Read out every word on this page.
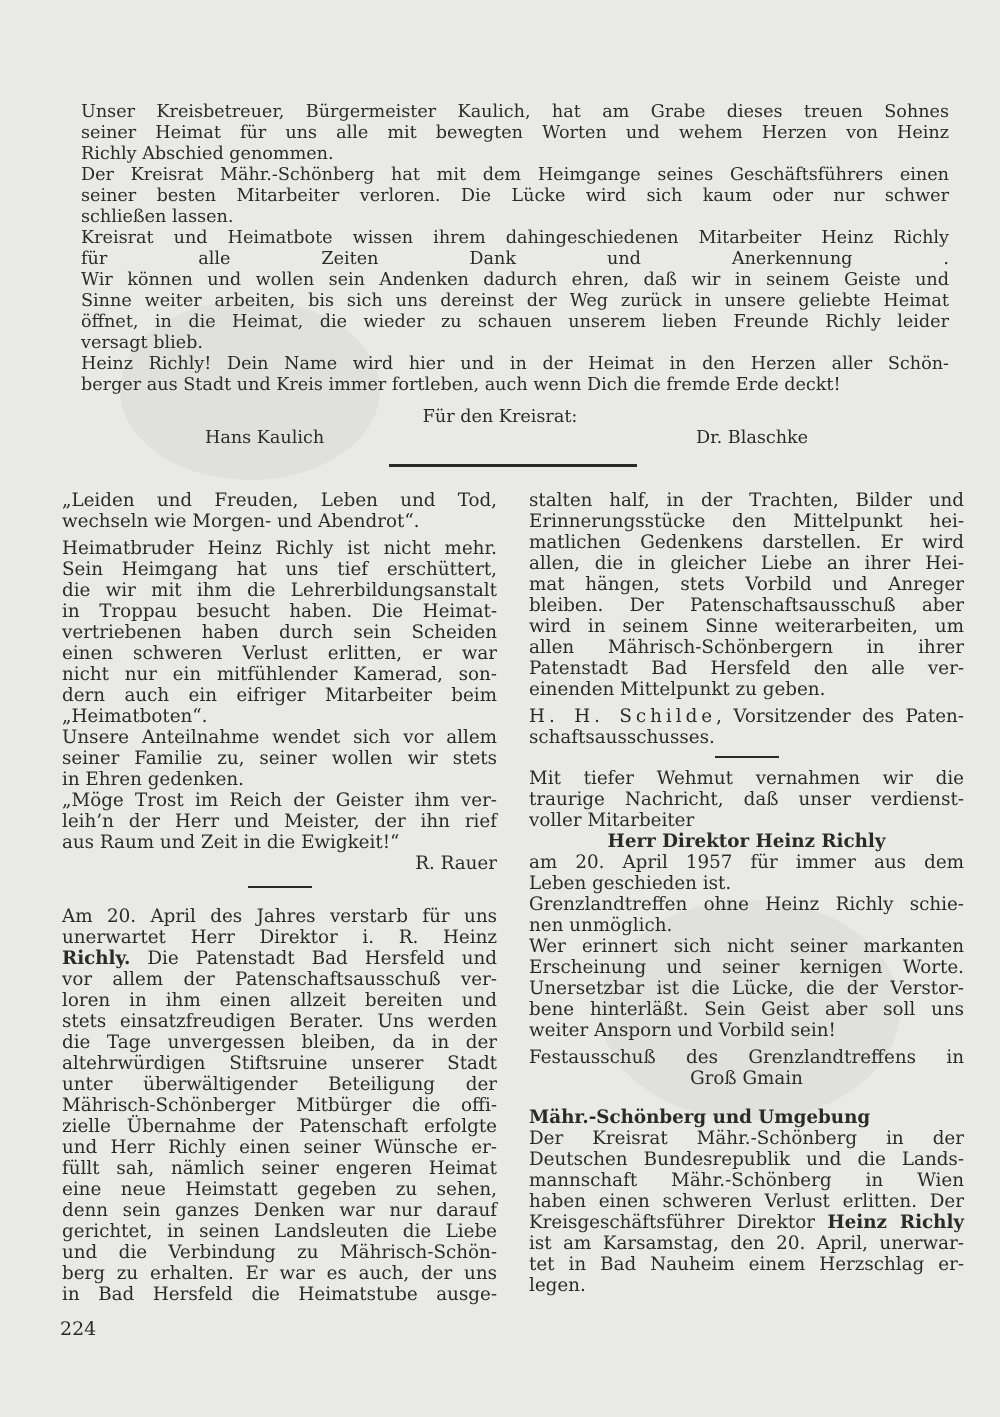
Unser Kreisbetreuer, Bürgermeister Kaulich, hat am Grabe dieses treuen Sohnes
seiner Heimat für uns alle mit bewegten Worten und wehem Herzen von Heinz
Richly Abschied genommen.
Der Kreisrat Mähr.-Schönberg hat mit dem Heimgange seines Geschäftsführers einen
seiner besten Mitarbeiter verloren. Die Lücke wird sich kaum oder nur schwer
schließen lassen.
Kreisrat und Heimatbote wissen ihrem dahingeschiedenen Mitarbeiter Heinz Richly
für alle Zeiten Dank und Anerkennung .
Wir können und wollen sein Andenken dadurch ehren, daß wir in seinem Geiste und
Sinne weiter arbeiten, bis sich uns dereinst der Weg zurück in unsere geliebte Heimat
öffnet, in die Heimat, die wieder zu schauen unserem lieben Freunde Richly leider
versagt blieb.
Heinz Richly! Dein Name wird hier und in der Heimat in den Herzen aller Schön-
berger aus Stadt und Kreis immer fortleben, auch wenn Dich die fremde Erde deckt!
Für den Kreisrat:
Hans Kaulich	Dr. Blaschke
„Leiden und Freuden, Leben und Tod,
wechseln wie Morgen- und Abendrot“.
Heimatbruder Heinz Richly ist nicht mehr.
Sein Heimgang hat uns tief erschüttert,
die wir mit ihm die Lehrerbildungsanstalt
in Troppau besucht haben. Die Heimat-
vertriebenen haben durch sein Scheiden
einen schweren Verlust erlitten, er war
nicht nur ein mitfühlender Kamerad, son-
dern auch ein eifriger Mitarbeiter beim
„Heimatboten“.
Unsere Anteilnahme wendet sich vor allem
seiner Familie zu, seiner wollen wir stets
in Ehren gedenken.
„Möge Trost im Reich der Geister ihm ver-
leih’n der Herr und Meister, der ihn rief
aus Raum und Zeit in die Ewigkeit!“
R. Rauer
Am 20. April des Jahres verstarb für uns
unerwartet Herr Direktor i. R. Heinz
Richly. Die Patenstadt Bad Hersfeld und
vor allem der Patenschaftsausschuß ver-
loren in ihm einen allzeit bereiten und
stets einsatzfreudigen Berater. Uns werden
die Tage unvergessen bleiben, da in der
altehrwürdigen Stiftsruine unserer Stadt
unter überwältigender Beteiligung der
Mährisch-Schönberger Mitbürger die offi-
zielle Übernahme der Patenschaft erfolgte
und Herr Richly einen seiner Wünsche er-
füllt sah, nämlich seiner engeren Heimat
eine neue Heimstatt gegeben zu sehen,
denn sein ganzes Denken war nur darauf
gerichtet, in seinen Landsleuten die Liebe
und die Verbindung zu Mährisch-Schön-
berg zu erhalten. Er war es auch, der uns
in Bad Hersfeld die Heimatstube ausge-
stalten half, in der Trachten, Bilder und
Erinnerungsstücke den Mittelpunkt hei-
matlichen Gedenkens darstellen. Er wird
allen, die in gleicher Liebe an ihrer Hei-
mat hängen, stets Vorbild und Anreger
bleiben. Der Patenschaftsausschuß aber
wird in seinem Sinne weiterarbeiten, um
allen Mährisch-Schönbergern in ihrer
Patenstadt Bad Hersfeld den alle ver-
einenden Mittelpunkt zu geben.
H. H. Schilde, Vorsitzender des Paten-
schaftsausschusses.
Mit tiefer Wehmut vernahmen wir die
traurige Nachricht, daß unser verdienst-
voller Mitarbeiter
Herr Direktor Heinz Richly
am 20. April 1957 für immer aus dem
Leben geschieden ist.
Grenzlandtreffen ohne Heinz Richly schie-
nen unmöglich.
Wer erinnert sich nicht seiner markanten
Erscheinung und seiner kernigen Worte.
Unersetzbar ist die Lücke, die der Verstor-
bene hinterläßt. Sein Geist aber soll uns
weiter Ansporn und Vorbild sein!
Festausschuß des Grenzlandtreffens in
Groß Gmain
Mähr.-Schönberg und Umgebung
Der Kreisrat Mähr.-Schönberg in der
Deutschen Bundesrepublik und die Lands-
mannschaft Mähr.-Schönberg in Wien
haben einen schweren Verlust erlitten. Der
Kreisgeschäftsführer Direktor Heinz Richly
ist am Karsamstag, den 20. April, unerwar-
tet in Bad Nauheim einem Herzschlag er-
legen.
224
